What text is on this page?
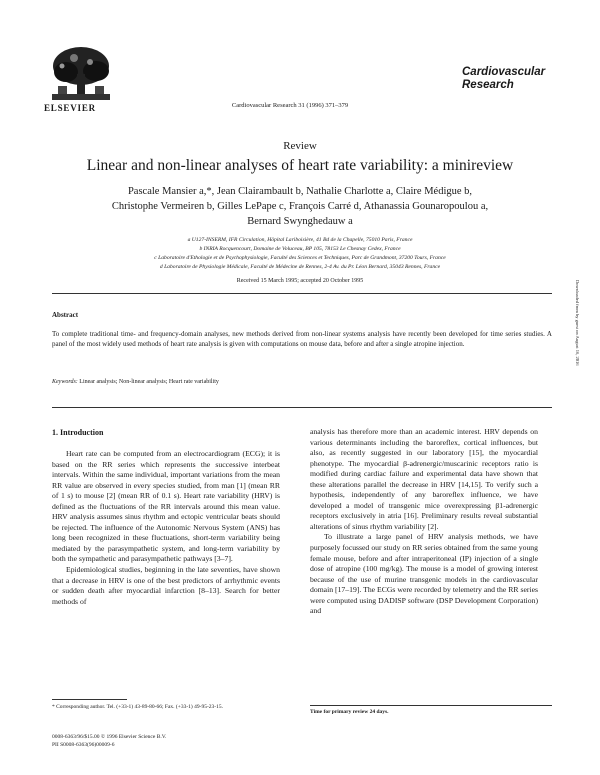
ELSEVIER	Cardiovascular Research 31 (1996) 371–379
Cardiovascular
Research
Review
Linear and non-linear analyses of heart rate variability: a minireview
Pascale Mansier a,*, Jean Clairambault b, Nathalie Charlotte a, Claire Médigue b,
Christophe Vermeiren b, Gilles LePape c, François Carré d, Athanassia Gounaropoulou a,
Bernard Swynghedauw a
a U127-INSERM, IFR Circulation, Hôpital Lariboisière, 41 Bd de la Chapelle, 75010 Paris, France
b INRIA Rocquencourt, Domaine de Voluceau, BP 105, 78153 Le Chesnay Cedex, France
c Laboratoire d'Ethologie et de Psychophysiologie, Faculté des Sciences et Techniques, Parc de Grandmont, 37200 Tours, France
d Laboratoire de Physiologie Médicale, Faculté de Médecine de Rennes, 2-4 Av. du Pr. Léon Bernard, 35043 Rennes, France
Received 15 March 1995; accepted 20 October 1995
Abstract
To complete traditional time- and frequency-domain analyses, new methods derived from non-linear systems analysis have recently been developed for time series studies. A panel of the most widely used methods of heart rate analysis is given with computations on mouse data, before and after a single atropine injection.
Keywords: Linear analysis; Non-linear analysis; Heart rate variability
1. Introduction

Heart rate can be computed from an electrocardiogram (ECG); it is based on the RR series which represents the successive interbeat intervals. Within the same individual, important variations from the mean RR value are observed in every species studied, from man [1] (mean RR of 1 s) to mouse [2] (mean RR of 0.1 s). Heart rate variability (HRV) is defined as the fluctuations of the RR intervals around this mean value. HRV analysis assumes sinus rhythm and ectopic ventricular beats should be rejected. The influence of the Autonomic Nervous System (ANS) has long been recognized in these fluctuations, short-term variability being mediated by the parasympathetic system, and long-term variability by both the sympathetic and parasympathetic pathways [3–7].

Epidemiological studies, beginning in the late seventies, have shown that a decrease in HRV is one of the best predictors of arrhythmic events or sudden death after myocardial infarction [8–13]. Search for better methods of

analysis has therefore more than an academic interest. HRV depends on various determinants including the baroreflex, cortical influences, but also, as recently suggested in our laboratory [15], the myocardial phenotype. The myocardial β-adrenergic/muscarinic receptors ratio is modified during cardiac failure and experimental data have shown that these alterations parallel the decrease in HRV [14,15]. To verify such a hypothesis, independently of any baroreflex influence, we have developed a model of transgenic mice overexpressing β1-adrenergic receptors exclusively in atria [16]. Preliminary results reveal substantial alterations of sinus rhythm variability [2].

To illustrate a large panel of HRV analysis methods, we have purposely focussed our study on RR series obtained from the same young female mouse, before and after intraperitoneal (IP) injection of a single dose of atropine (100 mg/kg). The mouse is a model of growing interest because of the use of murine transgenic models in the cardiovascular domain [17–19]. The ECGs were recorded by telemetry and the RR series were computed using DADISP software (DSP Development Corporation) and

* Corresponding author. Tel. (+33-1) 43-89-80-66; Fax. (+33-1) 49-95-23-15.
0008-6363/96/$15.00 © 1996 Elsevier Science B.V.
PII S0008-6363(96)00009-6
Time for primary review 24 days.
Downloaded from by guest on August 16, 2016
